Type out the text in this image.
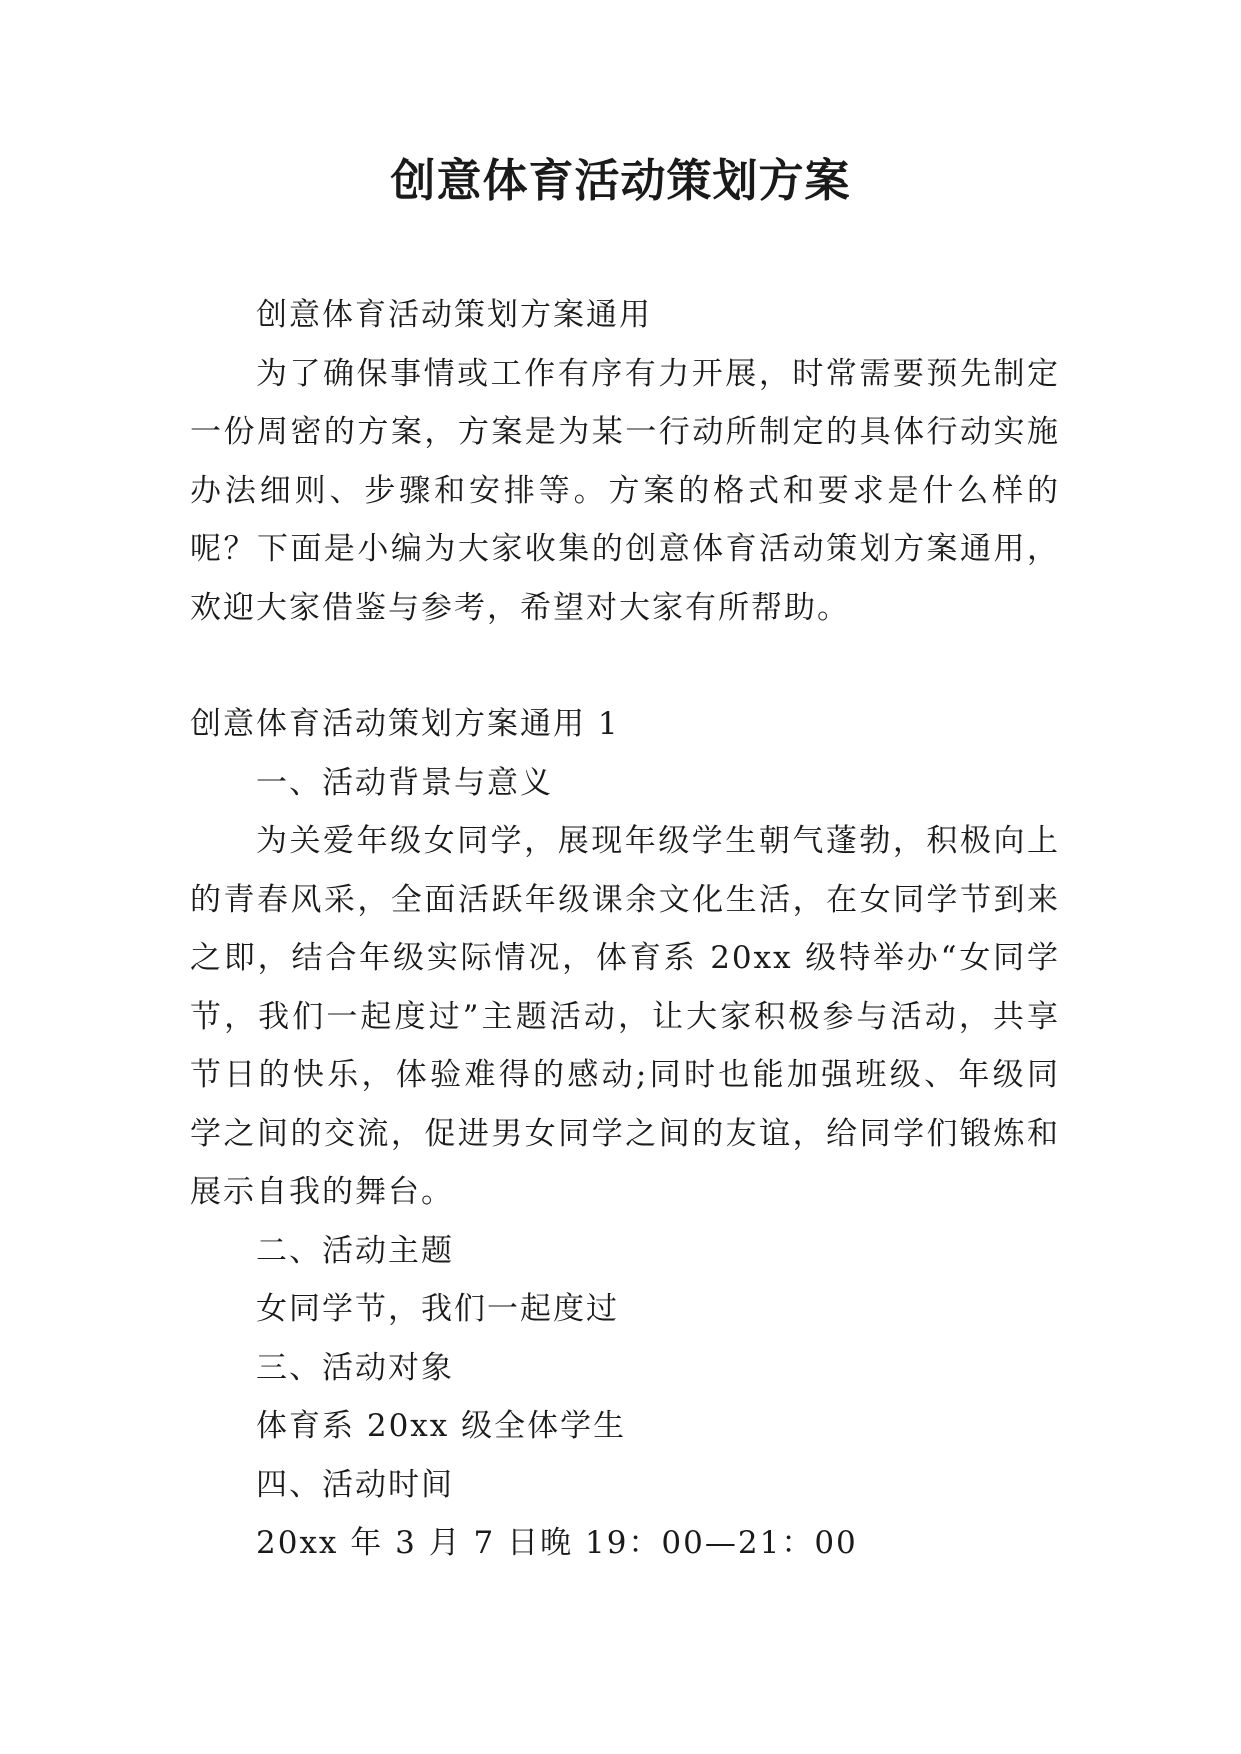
创意体育活动策划方案

创意体育活动策划方案通用

为了确保事情或工作有序有力开展，时常需要预先制定一份周密的方案，方案是为某一行动所制定的具体行动实施办法细则、步骤和安排等。方案的格式和要求是什么样的呢？下面是小编为大家收集的创意体育活动策划方案通用，欢迎大家借鉴与参考，希望对大家有所帮助。

创意体育活动策划方案通用 1

一、活动背景与意义

为关爱年级女同学，展现年级学生朝气蓬勃，积极向上的青春风采，全面活跃年级课余文化生活，在女同学节到来之即，结合年级实际情况，体育系 20xx 级特举办“女同学节，我们一起度过”主题活动，让大家积极参与活动，共享节日的快乐，体验难得的感动;同时也能加强班级、年级同学之间的交流，促进男女同学之间的友谊，给同学们锻炼和展示自我的舞台。

二、活动主题

女同学节，我们一起度过

三、活动对象

体育系 20xx 级全体学生

四、活动时间

20xx 年 3 月 7 日晚 19：00—21：00
